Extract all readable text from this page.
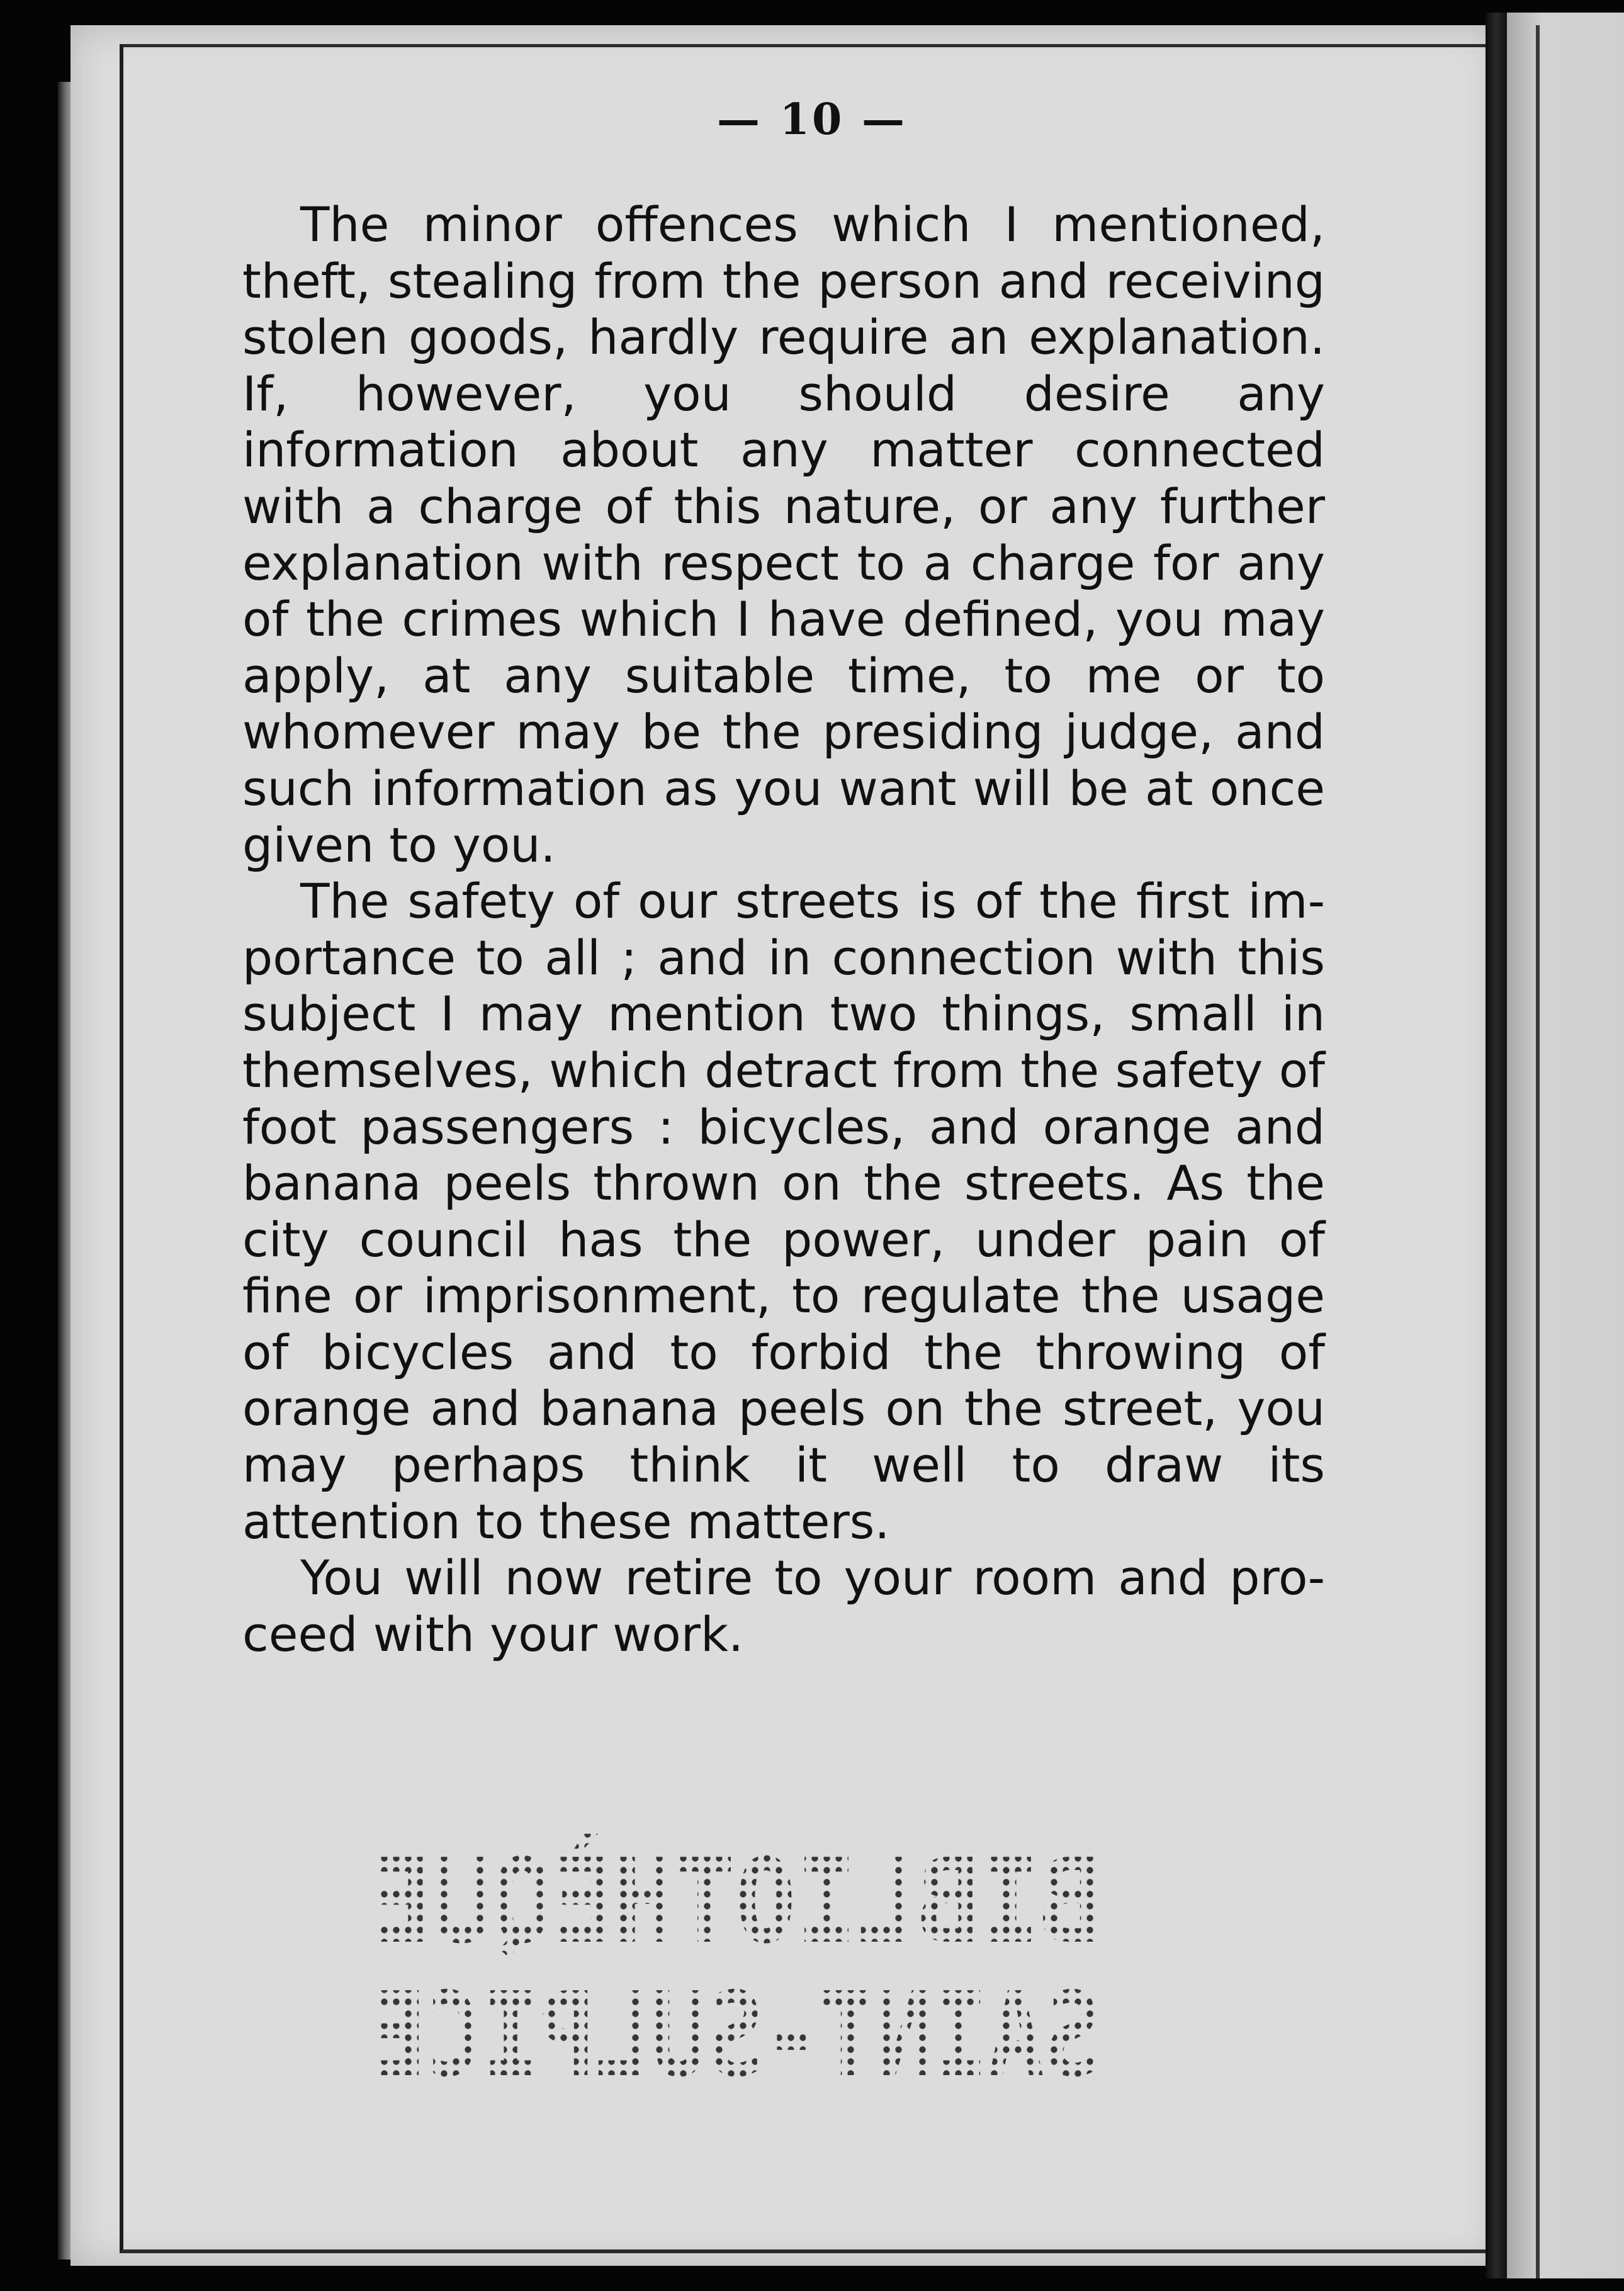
— 10 —

The minor offences which I mentioned, theft, stealing from the person and receiving stolen goods, hardly require an explanation. If, however, you should desire any information about any matter connected with a charge of this nature, or any further explanation with respect to a charge for any of the crimes which I have defined, you may apply, at any suitable time, to me or to whomever may be the presiding judge, and such information as you want will be at once given to you.

The safety of our streets is of the first importance to all ; and in connection with this subject I may mention two things, small in themselves, which detract from the safety of foot passengers : bicycles, and orange and banana peels thrown on the streets. As the city council has the power, under pain of fine or imprisonment, to regulate the usage of bicycles and to forbid the throwing of orange and banana peels on the street, you may perhaps think it well to draw its attention to these matters.

You will now retire to your room and proceed with your work.

BIBLIOTHÈQUE
SAINT-SULPICE
